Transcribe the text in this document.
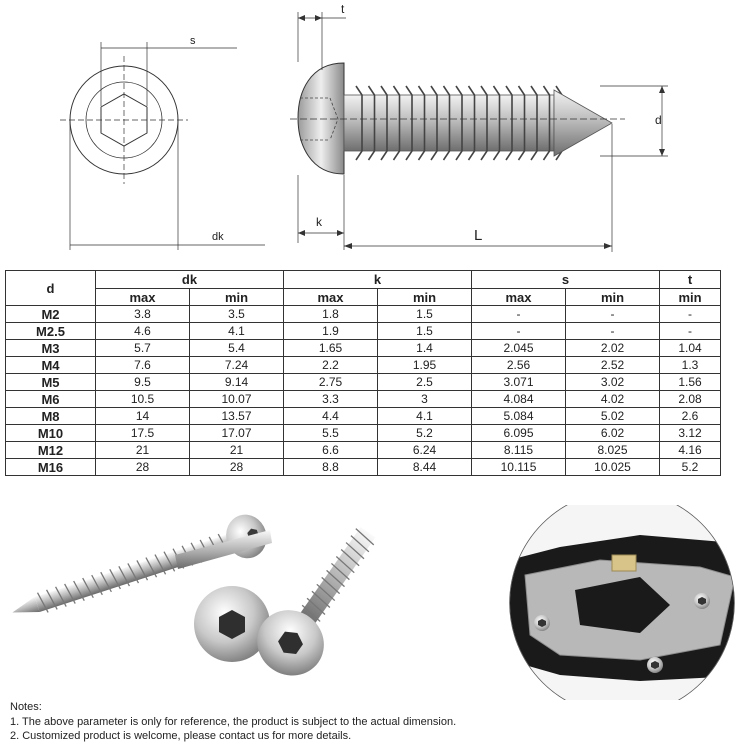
s
dk
t
d
k
L
d	dk		k		s		t
	max	min	max	min	max	min	min
M2	3.8	3.5	1.8	1.5	-	-	-
M2.5	4.6	4.1	1.9	1.5	-	-	-
M3	5.7	5.4	1.65	1.4	2.045	2.02	1.04
M4	7.6	7.24	2.2	1.95	2.56	2.52	1.3
M5	9.5	9.14	2.75	2.5	3.071	3.02	1.56
M6	10.5	10.07	3.3	3	4.084	4.02	2.08
M8	14	13.57	4.4	4.1	5.084	5.02	2.6
M10	17.5	17.07	5.5	5.2	6.095	6.02	3.12
M12	21	21	6.6	6.24	8.115	8.025	4.16
M16	28	28	8.8	8.44	10.115	10.025	5.2
Notes:
1. The above parameter is only for reference, the product is subject to the actual dimension.
2. Customized product is welcome, please contact us for more details.
